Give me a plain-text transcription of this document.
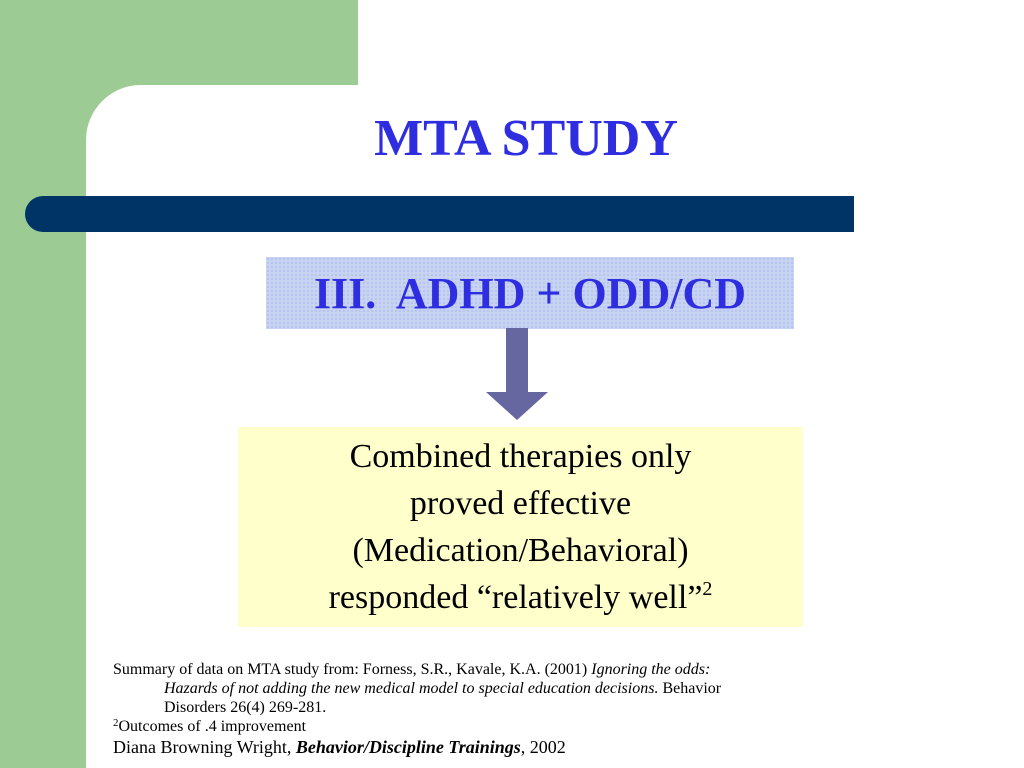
MTA STUDY
III.  ADHD + ODD/CD
Combined therapies only
proved effective
(Medication/Behavioral)
responded “relatively well”$^2$
Summary of data on MTA study from: Forness, S.R., Kavale, K.A. (2001) Ignoring the odds:
Hazards of not adding the new medical model to special education decisions. Behavior
Disorders 26(4) 269-281.
$^2$Outcomes of .4 improvement
Diana Browning Wright, Behavior/Discipline Trainings, 2002
